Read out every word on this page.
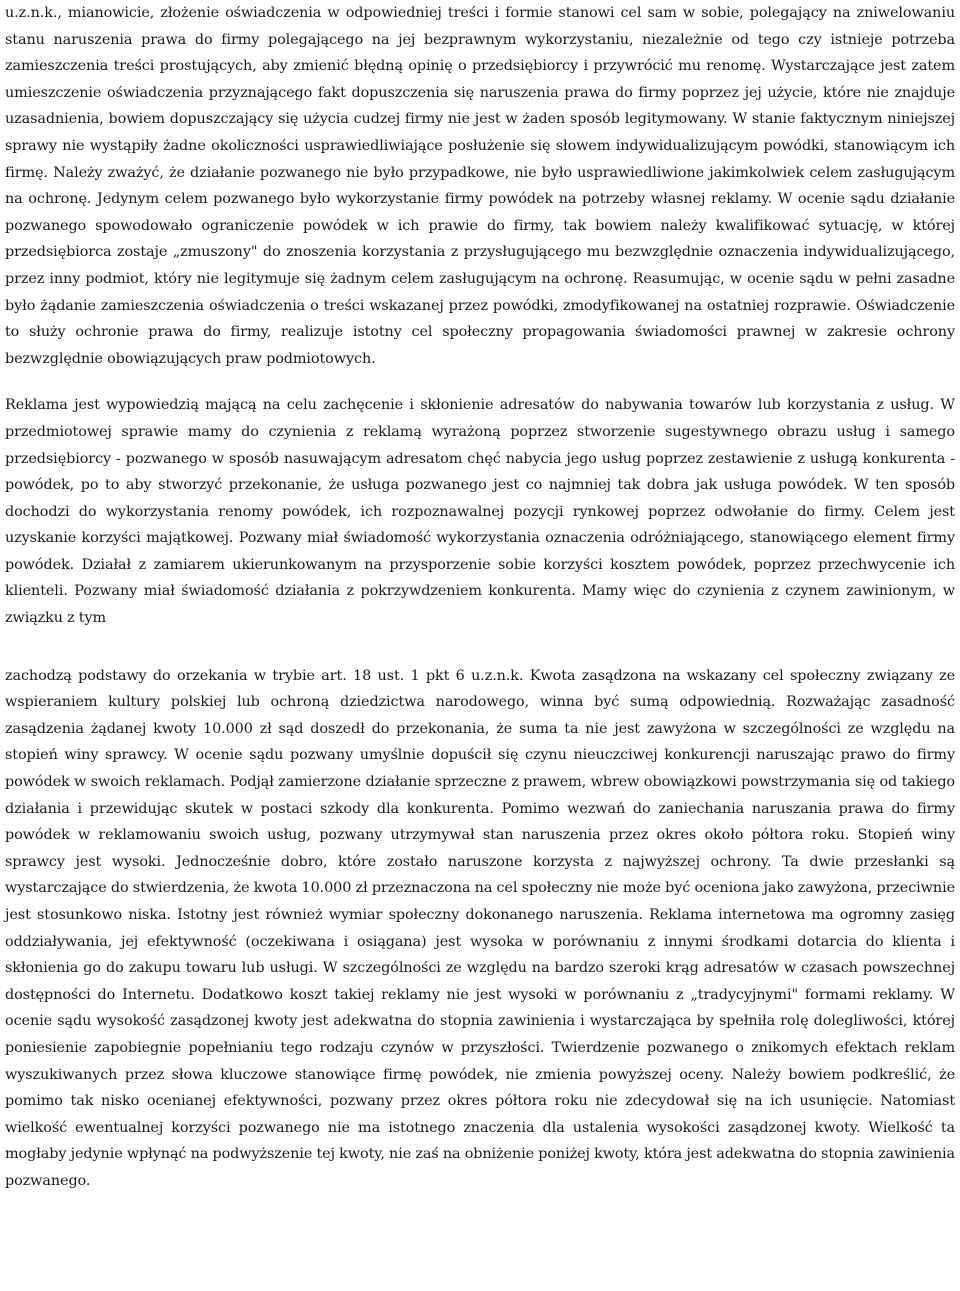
u.z.n.k., mianowicie, złożenie oświadczenia w odpowiedniej treści i formie stanowi cel sam w sobie, polegający na zniwelowaniu stanu naruszenia prawa do firmy polegającego na jej bezprawnym wykorzystaniu, niezależnie od tego czy istnieje potrzeba zamieszczenia treści prostujących, aby zmienić błędną opinię o przedsiębiorcy i przywrócić mu renomę. Wystarczające jest zatem umieszczenie oświadczenia przyznającego fakt dopuszczenia się naruszenia prawa do firmy poprzez jej użycie, które nie znajduje uzasadnienia, bowiem dopuszczający się użycia cudzej firmy nie jest w żaden sposób legitymowany. W stanie faktycznym niniejszej sprawy nie wystąpiły żadne okoliczności usprawiedliwiające posłużenie się słowem indywidualizującym powódki, stanowiącym ich firmę. Należy zważyć, że działanie pozwanego nie było przypadkowe, nie było usprawiedliwione jakimkolwiek celem zasługującym na ochronę. Jedynym celem pozwanego było wykorzystanie firmy powódek na potrzeby własnej reklamy. W ocenie sądu działanie pozwanego spowodowało ograniczenie powódek w ich prawie do firmy, tak bowiem należy kwalifikować sytuację, w której przedsiębiorca zostaje „zmuszony" do znoszenia korzystania z przysługującego mu bezwzględnie oznaczenia indywidualizującego, przez inny podmiot, który nie legitymuje się żadnym celem zasługującym na ochronę. Reasumując, w ocenie sądu w pełni zasadne było żądanie zamieszczenia oświadczenia o treści wskazanej przez powódki, zmodyfikowanej na ostatniej rozprawie. Oświadczenie to służy ochronie prawa do firmy, realizuje istotny cel społeczny propagowania świadomości prawnej w zakresie ochrony bezwzględnie obowiązujących praw podmiotowych.

Reklama jest wypowiedzią mającą na celu zachęcenie i skłonienie adresatów do nabywania towarów lub korzystania z usług. W przedmiotowej sprawie mamy do czynienia z reklamą wyrażoną poprzez stworzenie sugestywnego obrazu usług i samego przedsiębiorcy - pozwanego w sposób nasuwającym adresatom chęć nabycia jego usług poprzez zestawienie z usługą konkurenta - powódek, po to aby stworzyć przekonanie, że usługa pozwanego jest co najmniej tak dobra jak usługa powódek. W ten sposób dochodzi do wykorzystania renomy powódek, ich rozpoznawalnej pozycji rynkowej poprzez odwołanie do firmy. Celem jest uzyskanie korzyści majątkowej. Pozwany miał świadomość wykorzystania oznaczenia odróżniającego, stanowiącego element firmy powódek. Działał z zamiarem ukierunkowanym na przysporzenie sobie korzyści kosztem powódek, poprzez przechwycenie ich klienteli. Pozwany miał świadomość działania z pokrzywdzeniem konkurenta. Mamy więc do czynienia z czynem zawinionym, w związku z tym

zachodzą podstawy do orzekania w trybie art. 18 ust. 1 pkt 6 u.z.n.k. Kwota zasądzona na wskazany cel społeczny związany ze wspieraniem kultury polskiej lub ochroną dziedzictwa narodowego, winna być sumą odpowiednią. Rozważając zasadność zasądzenia żądanej kwoty 10.000 zł sąd doszedł do przekonania, że suma ta nie jest zawyżona w szczególności ze względu na stopień winy sprawcy. W ocenie sądu pozwany umyślnie dopuścił się czynu nieuczciwej konkurencji naruszając prawo do firmy powódek w swoich reklamach. Podjął zamierzone działanie sprzeczne z prawem, wbrew obowiązkowi powstrzymania się od takiego działania i przewidując skutek w postaci szkody dla konkurenta. Pomimo wezwań do zaniechania naruszania prawa do firmy powódek w reklamowaniu swoich usług, pozwany utrzymywał stan naruszenia przez okres około półtora roku. Stopień winy sprawcy jest wysoki. Jednocześnie dobro, które zostało naruszone korzysta z najwyższej ochrony. Ta dwie przesłanki są wystarczające do stwierdzenia, że kwota 10.000 zł przeznaczona na cel społeczny nie może być oceniona jako zawyżona, przeciwnie jest stosunkowo niska. Istotny jest również wymiar społeczny dokonanego naruszenia. Reklama internetowa ma ogromny zasięg oddziaływania, jej efektywność (oczekiwana i osiągana) jest wysoka w porównaniu z innymi środkami dotarcia do klienta i skłonienia go do zakupu towaru lub usługi. W szczególności ze względu na bardzo szeroki krąg adresatów w czasach powszechnej dostępności do Internetu. Dodatkowo koszt takiej reklamy nie jest wysoki w porównaniu z „tradycyjnymi" formami reklamy. W ocenie sądu wysokość zasądzonej kwoty jest adekwatna do stopnia zawinienia i wystarczająca by spełniła rolę dolegliwości, której poniesienie zapobiegnie popełnianiu tego rodzaju czynów w przyszłości. Twierdzenie pozwanego o znikomych efektach reklam wyszukiwanych przez słowa kluczowe stanowiące firmę powódek, nie zmienia powyższej oceny. Należy bowiem podkreślić, że pomimo tak nisko ocenianej efektywności, pozwany przez okres półtora roku nie zdecydował się na ich usunięcie. Natomiast wielkość ewentualnej korzyści pozwanego nie ma istotnego znaczenia dla ustalenia wysokości zasądzonej kwoty. Wielkość ta mogłaby jedynie wpłynąć na podwyższenie tej kwoty, nie zaś na obniżenie poniżej kwoty, która jest adekwatna do stopnia zawinienia pozwanego.
